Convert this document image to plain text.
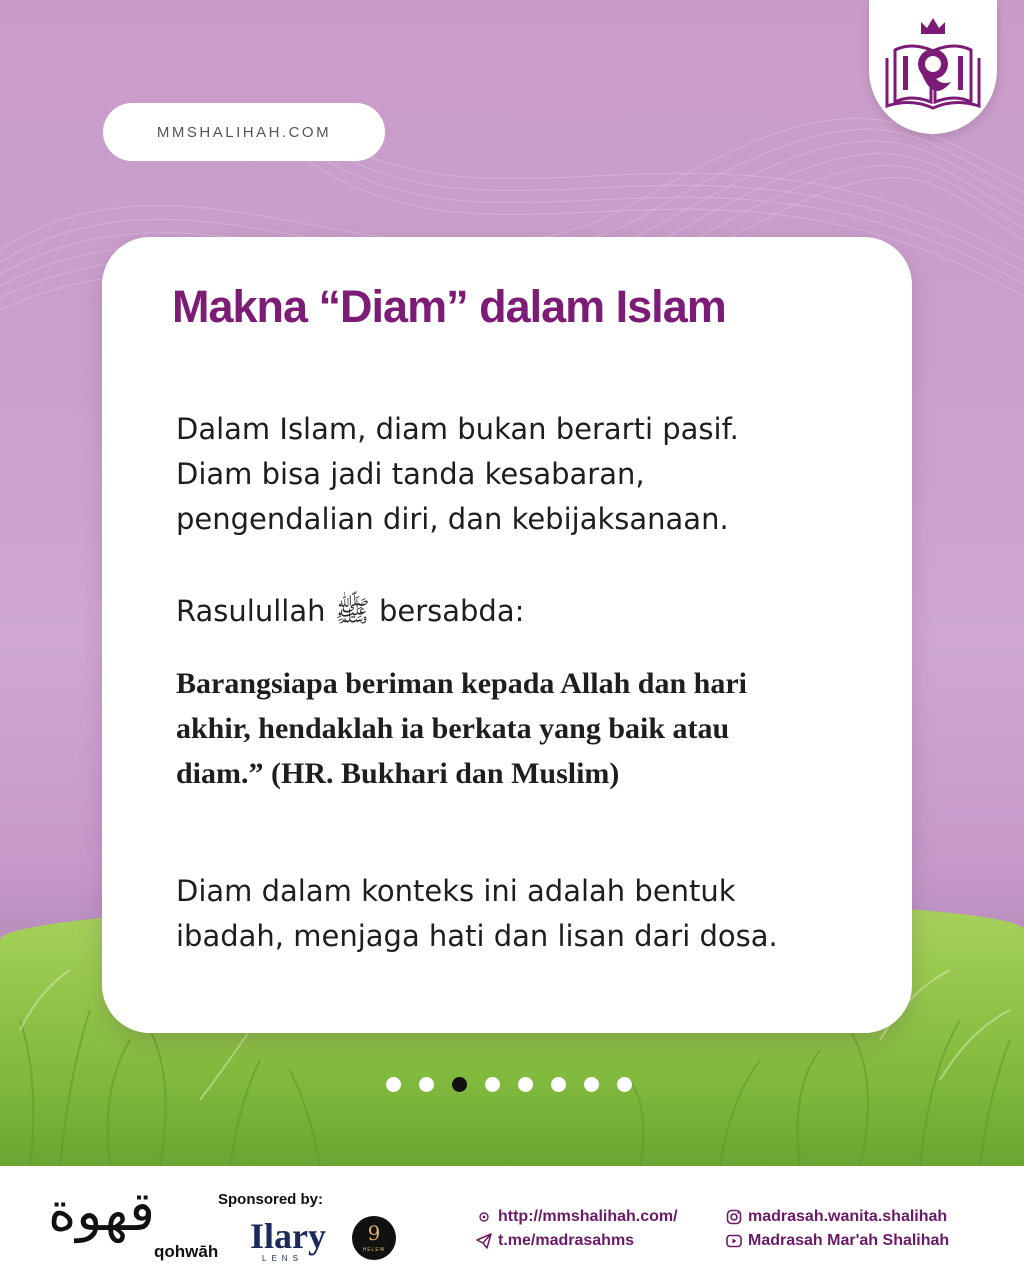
MMSHALIHAH.COM
Makna “Diam” dalam Islam

Dalam Islam, diam bukan berarti pasif.
Diam bisa jadi tanda kesabaran,
pengendalian diri, dan kebijaksanaan.

Rasulullah ﷺ bersabda:

Barangsiapa beriman kepada Allah dan hari
akhir, hendaklah ia berkata yang baik atau
diam.” (HR. Bukhari dan Muslim)

Diam dalam konteks ini adalah bentuk
ibadah, menjaga hati dan lisan dari dosa.

قهوة
qohwāh
Sponsored by:
Ilary
LENS
9
HELEW
http://mmshalihah.com/
t.me/madrasahms
madrasah.wanita.shalihah
Madrasah Mar'ah Shalihah
